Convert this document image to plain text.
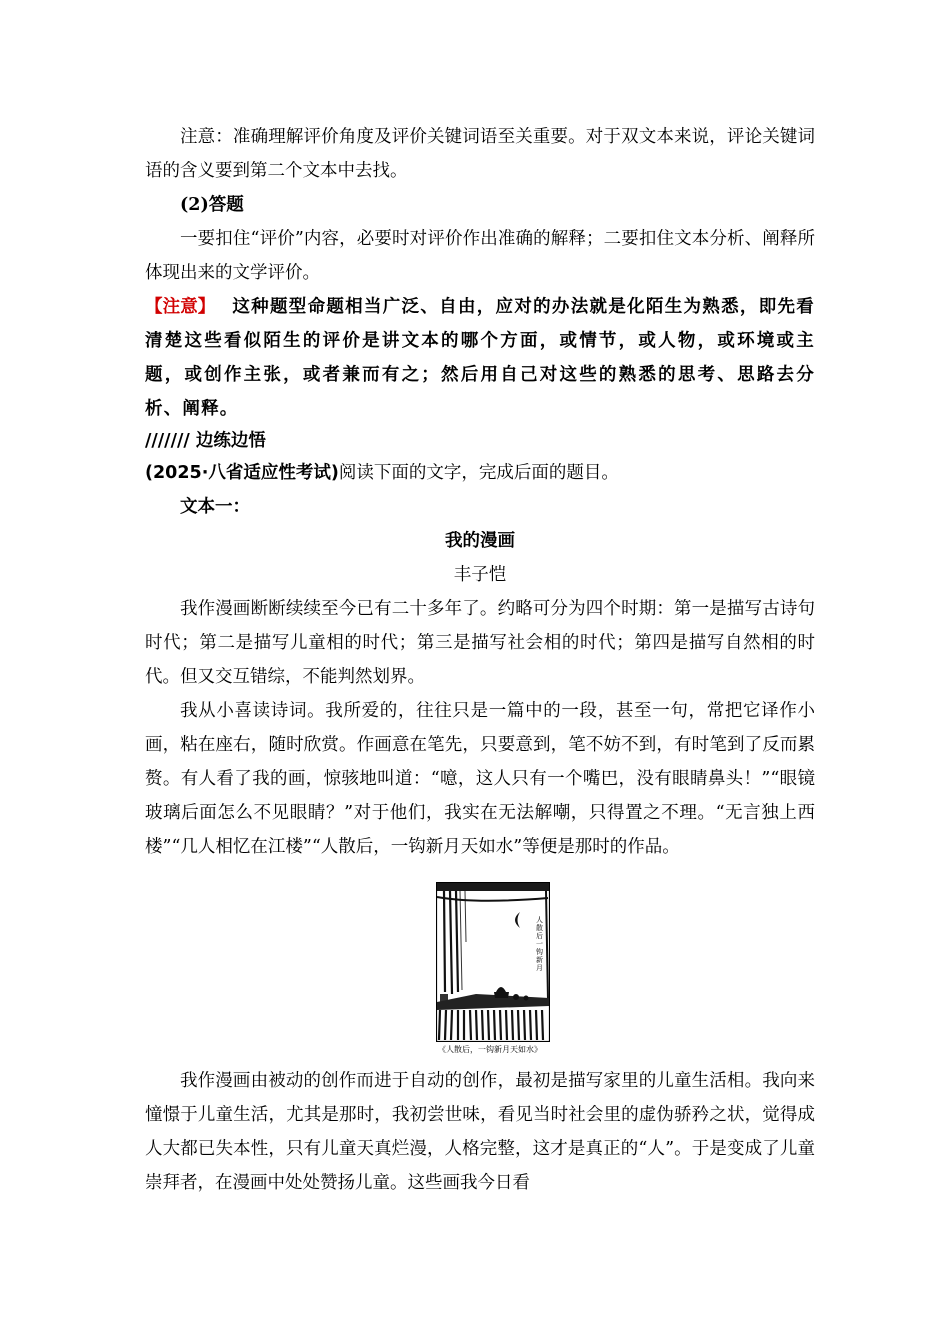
注意：准确理解评价角度及评价关键词语至关重要。对于双文本来说，评论关键词语的含义要到第二个文本中去找。

(2)答题

一要扣住“评价”内容，必要时对评价作出准确的解释；二要扣住文本分析、阐释所体现出来的文学评价。

【注意】 这种题型命题相当广泛、自由，应对的办法就是化陌生为熟悉，即先看清楚这些看似陌生的评价是讲文本的哪个方面，或情节，或人物，或环境或主题，或创作主张，或者兼而有之；然后用自己对这些的熟悉的思考、思路去分析、阐释。

/////// 边练边悟

(2025·八省适应性考试)阅读下面的文字，完成后面的题目。

文本一：

我的漫画

丰子恺

我作漫画断断续续至今已有二十多年了。约略可分为四个时期：第一是描写古诗句时代；第二是描写儿童相的时代；第三是描写社会相的时代；第四是描写自然相的时代。但又交互错综，不能判然划界。

我从小喜读诗词。我所爱的，往往只是一篇中的一段，甚至一句，常把它译作小画，粘在座右，随时欣赏。作画意在笔先，只要意到，笔不妨不到，有时笔到了反而累赘。有人看了我的画，惊骇地叫道：“噫，这人只有一个嘴巴，没有眼睛鼻头！”“眼镜玻璃后面怎么不见眼睛？”对于他们，我实在无法解嘲，只得置之不理。“无言独上西楼”“几人相忆在江楼”“人散后，一钩新月天如水”等便是那时的作品。

人散后一钩新月
《人散后，一钩新月天如水》

我作漫画由被动的创作而进于自动的创作，最初是描写家里的儿童生活相。我向来憧憬于儿童生活，尤其是那时，我初尝世味，看见当时社会里的虚伪骄矜之状，觉得成人大都已失本性，只有儿童天真烂漫，人格完整，这才是真正的“人”。于是变成了儿童崇拜者，在漫画中处处赞扬儿童。这些画我今日看
